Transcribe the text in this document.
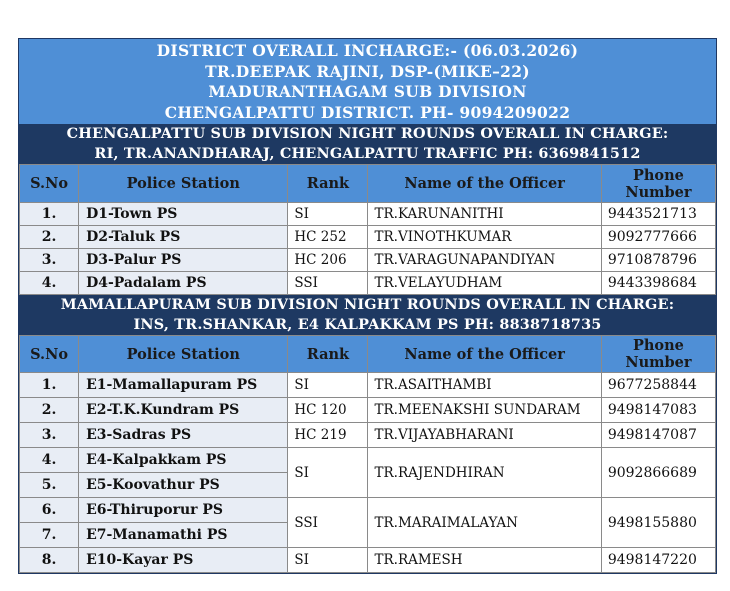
DISTRICT OVERALL INCHARGE:- (06.03.2026)
TR.DEEPAK RAJINI, DSP-(MIKE–22)
MADURANTHAGAM SUB DIVISION
CHENGALPATTU DISTRICT. PH- 9094209022
CHENGALPATTU SUB DIVISION NIGHT ROUNDS OVERALL IN CHARGE:
RI, TR.ANANDHARAJ, CHENGALPATTU TRAFFIC PH: 6369841512
S.No	Police Station	Rank	Name of the Officer	Phone Number
1.	D1-Town PS	SI	TR.KARUNANITHI	9443521713
2.	D2-Taluk PS	HC 252	TR.VINOTHKUMAR	9092777666
3.	D3-Palur PS	HC 206	TR.VARAGUNAPANDIYAN	9710878796
4.	D4-Padalam PS	SSI	TR.VELAYUDHAM	9443398684
MAMALLAPURAM SUB DIVISION NIGHT ROUNDS OVERALL IN CHARGE:
INS, TR.SHANKAR, E4 KALPAKKAM PS PH: 8838718735
S.No	Police Station	Rank	Name of the Officer	Phone Number
1.	E1-Mamallapuram PS	SI	TR.ASAITHAMBI	9677258844
2.	E2-T.K.Kundram PS	HC 120	TR.MEENAKSHI SUNDARAM	9498147083
3.	E3-Sadras PS	HC 219	TR.VIJAYABHARANI	9498147087
4.	E4-Kalpakkam PS	SI	TR.RAJENDHIRAN	9092866689
5.	E5-Koovathur PS			
6.	E6-Thiruporur PS	SSI	TR.MARAIMALAYAN	9498155880
7.	E7-Manamathi PS			
8.	E10-Kayar PS	SI	TR.RAMESH	9498147220
